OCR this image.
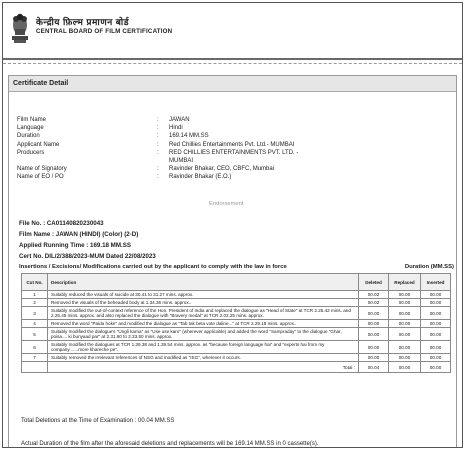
केन्द्रीय फ़िल्म प्रमाणन बोर्ड
CENTRAL BOARD OF FILM CERTIFICATION
Certificate Detail
Film Name	:	JAWAN
Language	:	Hindi
Duration	:	169.14 MM.SS
Applicant Name	:	Red Chillies Entertainments Pvt. Ltd.- MUMBAI
Producers	:	RED CHILLIES ENTERTAINMENTS PVT. LTD. - MUMBAI
Name of Signatory	:	Ravinder Bhakar, CEO, CBFC, Mumbai
Name of EO / PO	:	Ravinder Bhakar (E.O.)
Endorsement
File No. : CA01140820230043
Film Name : JAWAN (HINDI) (Color) (2-D)
Applied Running Time : 169.18 MM.SS
Cert No. DIL/2/388/2023-MUM Dated 22/08/2023
Insertions / Excisions/ Modifications carried out by the applicant to comply with the law in force	Duration (MM.SS)
Cut No.	Description	Deleted	Replaced	Inserted
1	Suitably reduced the visuals of suicide at 30.41 to 31.27 mins. approx.	00.02	00.00	00.00
2	Removed the visuals of the beheaded body at 1.34.36 mins. approx..	00.02	00.00	00.00
3	Suitably modified the out-of-context reference of the Hon. President of India and replaced the dialogue as "Head of State" at TCR 2.25.42 mins. and 2.25.45 mins. approx. and also replaced the dialogue with "Bravery medal" at TCR 2.03.25 mins. approx.	00.00	00.00	00.00
4	Removed the word "Paida hoke" and modified the dialogue as "Tab tak beta vote daline..." at TCR 2.29.18 mins. approx..	00.00	00.00	00.00
5	Suitably modified the dialogue's "Ungli karna" as "Use use karo" (wherever applicable) and added the word "Sampraday" to the dialogue "Ghar, poisa.... ki bunyaad par" at 2.31.60 to 2.33.50 mins. approx.	00.00	00.00	00.00
6	Suitably modified the dialogues at TCR 1.39.38 and 1.39.54 mins. approx. as "because foreign language hai" and "experts hai from my company.......more khareche pe".	00.00	00.00	00.00
7	Suitably removed the irrelevant references of NSG and modified as "ISG", wherever it occurs.	00.00	00.00	00.00
	Total :	00.04	00.00	00.00
Total Deletions at the Time of Examination : 00.04 MM.SS
Actual Duration of the film after the aforesaid deletions and replacements will be 169.14 MM.SS in 0 cassette(s).
